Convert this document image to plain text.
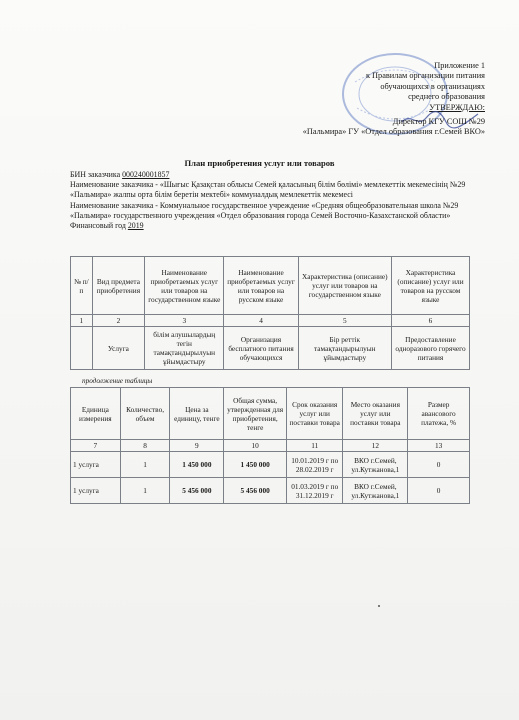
Приложение 1
к Правилам организации питания
обучающихся в организациях
среднего образования
УТВЕРЖДАЮ:
Директор КГУ СОШ №29
«Пальмира» ГУ «Отдел образования г.Семей ВКО»
План приобретения услуг или товаров
БИН заказчика 000240001857
Наименование заказчика - «Шығыс Қазақстан облысы Семей қаласының білім бөлімі» мемлекеттік мекемесінің №29 «Пальмира» жалпы орта білім беретін мектебі» коммуналдық мемлекеттік мекемесі
Наименование заказчика - Коммунальное государственное учреждение «Средняя общеобразовательная школа №29 «Пальмира» государственного учреждения «Отдел образования города Семей Восточно-Казахстанской области»
Финансовый год 2019
№ п/п	Вид предмета приобретения	Наименование приобретаемых услуг или товаров на государственном языке	Наименование приобретаемых услуг или товаров на русском языке	Характеристика (описание) услуг или товаров на государственном языке	Характеристика (описание) услуг или товаров на русском языке
1	2	3	4	5	6
	Услуга	білім алушылардың тегін тамақтандырылуын ұйымдастыру	Организация бесплатного питания обучающихся	Бір реттік тамақтандырылуын ұйымдастыру	Предоставление одноразового горячего питания
продолжение таблицы
Единица измерения	Количество, объем	Цена за единицу, тенге	Общая сумма, утвержденная для приобретения, тенге	Срок оказания услуг или поставки товара	Место оказания услуг или поставки товара	Размер авансового платежа, %
7	8	9	10	11	12	13
1 услуга	1	1 450 000	1 450 000	10.01.2019 г по 28.02.2019 г	ВКО г.Семей, ул.Кутжанова,1	0
1 услуга	1	5 456 000	5 456 000	01.03.2019 г по 31.12.2019 г	ВКО г.Семей, ул.Кутжанова,1	0
